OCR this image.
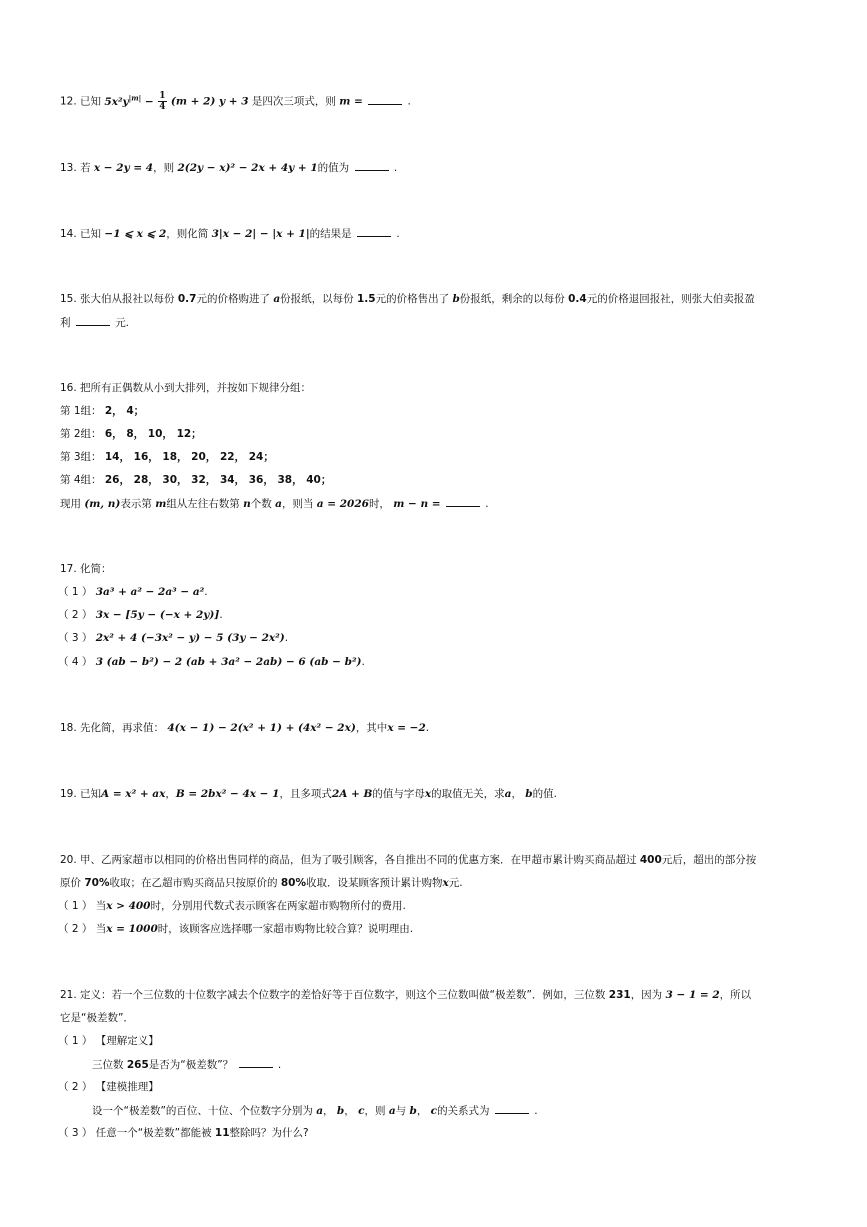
12. 已知 $5x^2y^{|m|} - \frac{1}{4} (m + 2) y + 3$ 是四次三项式，则 m =	.
13. 若 x − 2y = 4，则 2(2y − x)² − 2x + 4y + 1的值为	.
14. 已知 −1 ⩽ x ⩽ 2，则化简 3|x − 2| − |x + 1|的结果是	.
15. 张大伯从报社以每份 0.7元的价格购进了 a份报纸，以每份 1.5元的价格售出了 b份报纸，剩余的以每份 0.4元的价格退回报社，则张大伯卖报盈
利	元.
16. 把所有正偶数从小到大排列，并按如下规律分组：
第 1组： 2， 4；
第 2组： 6， 8， 10， 12；
第 3组： 14， 16， 18， 20， 22， 24；
第 4组： 26， 28， 30， 32， 34， 36， 38， 40；
现用 (m, n)表示第 m组从左往右数第 n个数 a，则当 a = 2026时， m − n =	.
17. 化简：
（ 1 ） 3a³ + a² − 2a³ − a².
（ 2 ） 3x − [5y − (−x + 2y)].
（ 3 ） 2x² + 4 (−3x² − y) − 5 (3y − 2x²).
（ 4 ） 3 (ab − b²) − 2 (ab + 3a² − 2ab) − 6 (ab − b²).
18. 先化简，再求值： 4(x − 1) − 2(x² + 1) + (4x² − 2x)，其中x = −2.
19. 已知A = x² + ax，B = 2bx² − 4x − 1，且多项式2A + B的值与字母x的取值无关，求a， b的值.
20. 甲、乙两家超市以相同的价格出售同样的商品，但为了吸引顾客，各自推出不同的优惠方案．在甲超市累计购买商品超过 400元后，超出的部分按
原价 70%收取；在乙超市购买商品只按原价的 80%收取．设某顾客预计累计购物x元.
（ 1 ） 当x > 400时，分别用代数式表示顾客在两家超市购物所付的费用.
（ 2 ） 当x = 1000时，该顾客应选择哪一家超市购物比较合算？说明理由.
21. 定义：若一个三位数的十位数字减去个位数字的差恰好等于百位数字，则这个三位数叫做“极差数”．例如，三位数 231，因为 3 − 1 = 2，所以
它是“极差数”．
（ 1 ） 【理解定义】
三位数 265是否为“极差数”？	.
（ 2 ） 【建模推理】
设一个“极差数”的百位、十位、个位数字分别为 a， b， c，则 a与 b， c的关系式为	.
（ 3 ） 任意一个“极差数”都能被 11整除吗？为什么?
